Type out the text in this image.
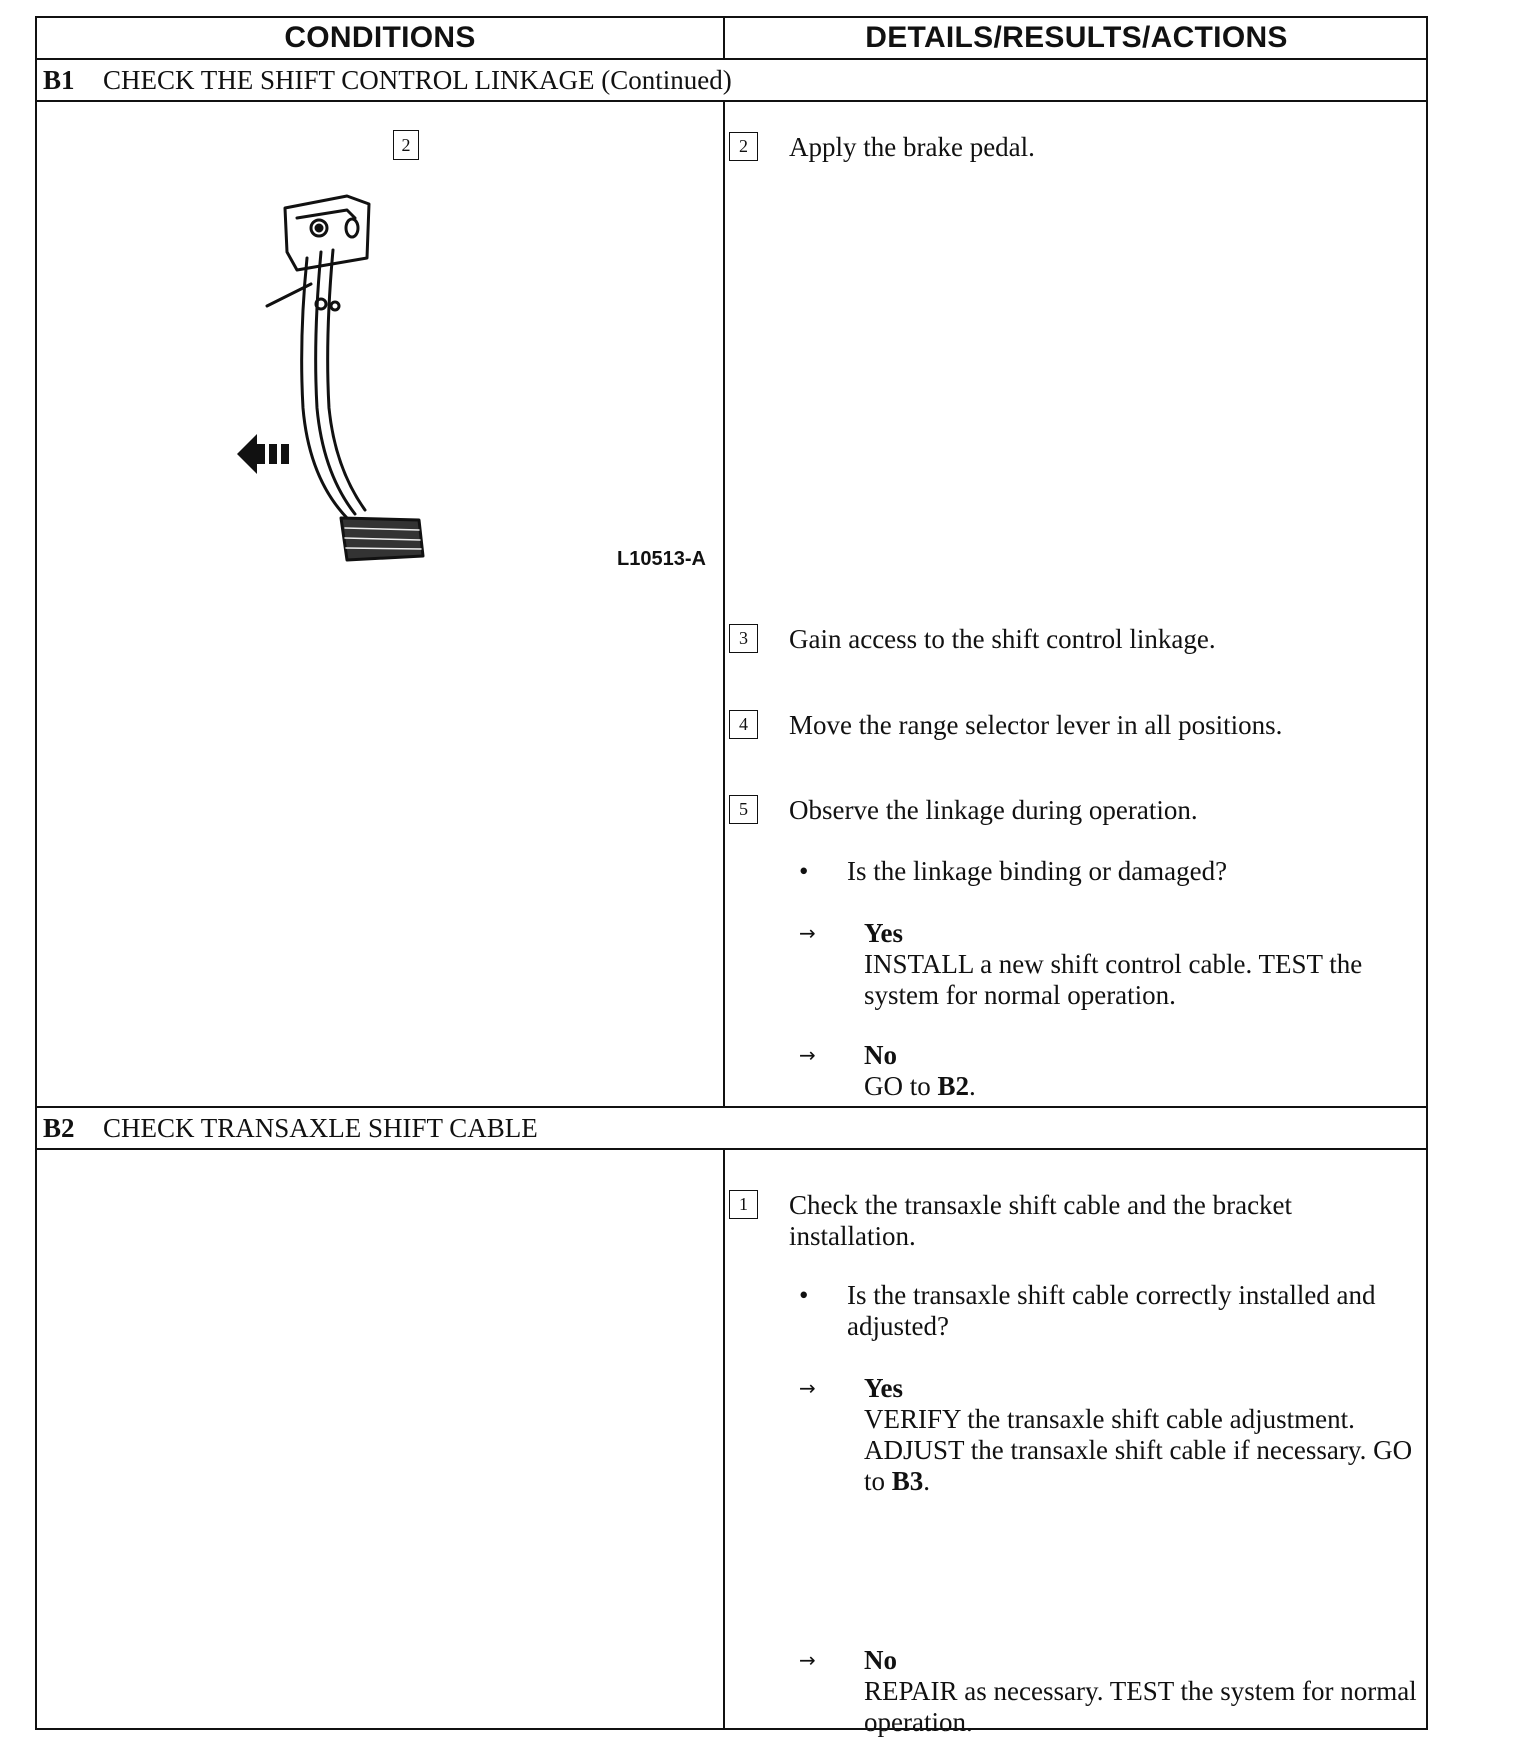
CONDITIONS	DETAILS/RESULTS/ACTIONS
B1 CHECK THE SHIFT CONTROL LINKAGE (Continued)
2
L10513-A
2	Apply the brake pedal.
3	Gain access to the shift control linkage.
4	Move the range selector lever in all positions.
5	Observe the linkage during operation.
• Is the linkage binding or damaged?
→ Yes
INSTALL a new shift control cable. TEST the system for normal operation.
→ No
GO to B2.
B2 CHECK TRANSAXLE SHIFT CABLE
1	Check the transaxle shift cable and the bracket installation.
• Is the transaxle shift cable correctly installed and adjusted?
→ Yes
VERIFY the transaxle shift cable adjustment. ADJUST the transaxle shift cable if necessary. GO to B3.
→ No
REPAIR as necessary. TEST the system for normal operation.
